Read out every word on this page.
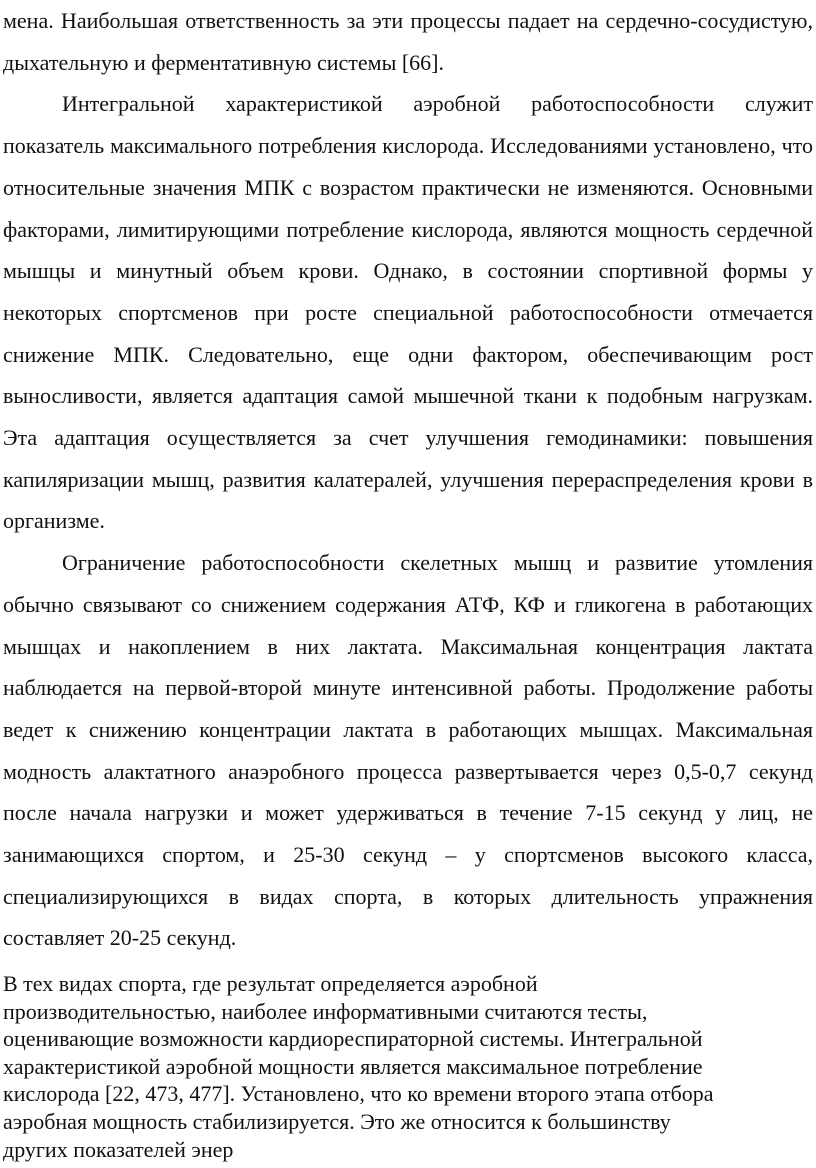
мена. Наибольшая ответственность за эти процессы падает на сердечно-сосудистую, дыхательную и ферментативную системы [66].

Интегральной характеристикой аэробной работоспособности служит показатель максимального потребления кислорода. Исследованиями установлено, что относительные значения МПК с возрастом практически не изменяются. Основными факторами, лимитирующими потребление кислорода, являются мощность сердечной мышцы и минутный объем крови. Однако, в состоянии спортивной формы у некоторых спортсменов при росте специальной работоспособности отмечается снижение МПК. Следовательно, еще одни фактором, обеспечивающим рост выносливости, является адаптация самой мышечной ткани к подобным нагрузкам. Эта адаптация осуществляется за счет улучшения гемодинамики: повышения капиляризации мышц, развития калатералей, улучшения перераспределения крови в организме.

Ограничение работоспособности скелетных мышц и развитие утомления обычно связывают со снижением содержания АТФ, КФ и гликогена в работающих мышцах и накоплением в них лактата. Максимальная концентрация лактата наблюдается на первой-второй минуте интенсивной работы. Продолжение работы ведет к снижению концентрации лактата в работающих мышцах. Максимальная модность алактатного анаэробного процесса развертывается через 0,5-0,7 секунд после начала нагрузки и может удерживаться в течение 7-15 секунд у лиц, не занимающихся спортом, и 25-30 секунд – у спортсменов высокого класса, специализирующихся в видах спорта, в которых длительность упражнения составляет 20-25 секунд.

В тех видах спорта, где результат определяется аэробной

производительностью, наиболее информативными считаются тесты,

оценивающие возможности кардиореспираторной системы. Интегральной

характеристикой аэробной мощности является максимальное потребление

кислорода [22, 473, 477]. Установлено, что ко времени второго этапа отбора

аэробная мощность стабилизируется. Это же относится к большинству

других показателей энер
